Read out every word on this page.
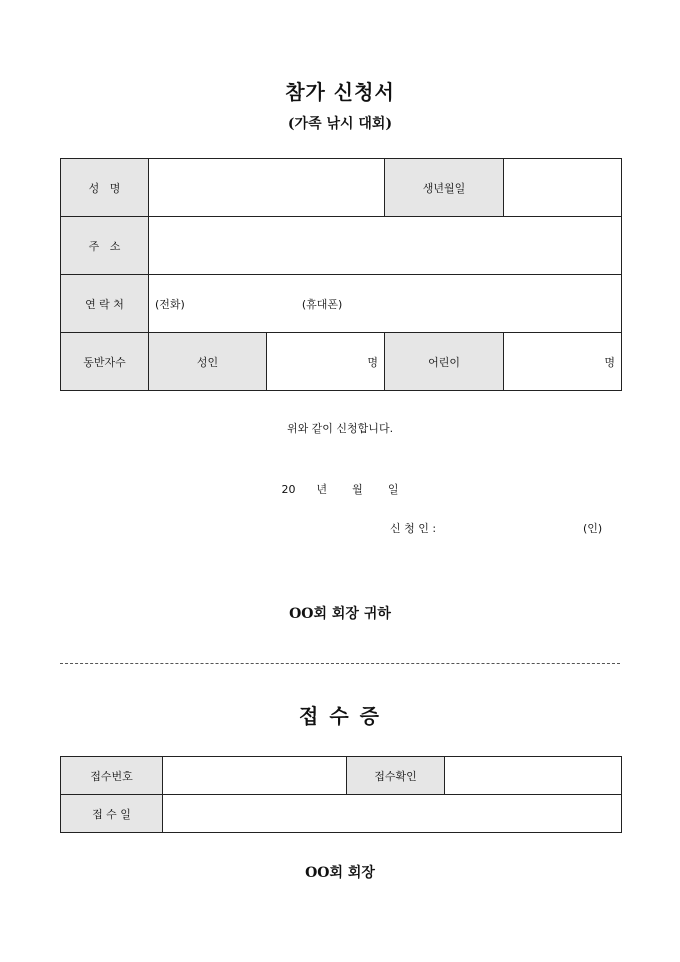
참가 신청서
(가족 낚시 대회)
성   명			생년월일	
주   소				
연 락 처	(전화) (휴대폰)			
동반자수	성인	명	어린이	명
위와 같이 신청합니다.
20 년 월 일
신 청 인 :	(인)
OO회 회장 귀하
접 수 증
접수번호		접수확인	
접 수 일			
OO회 회장
